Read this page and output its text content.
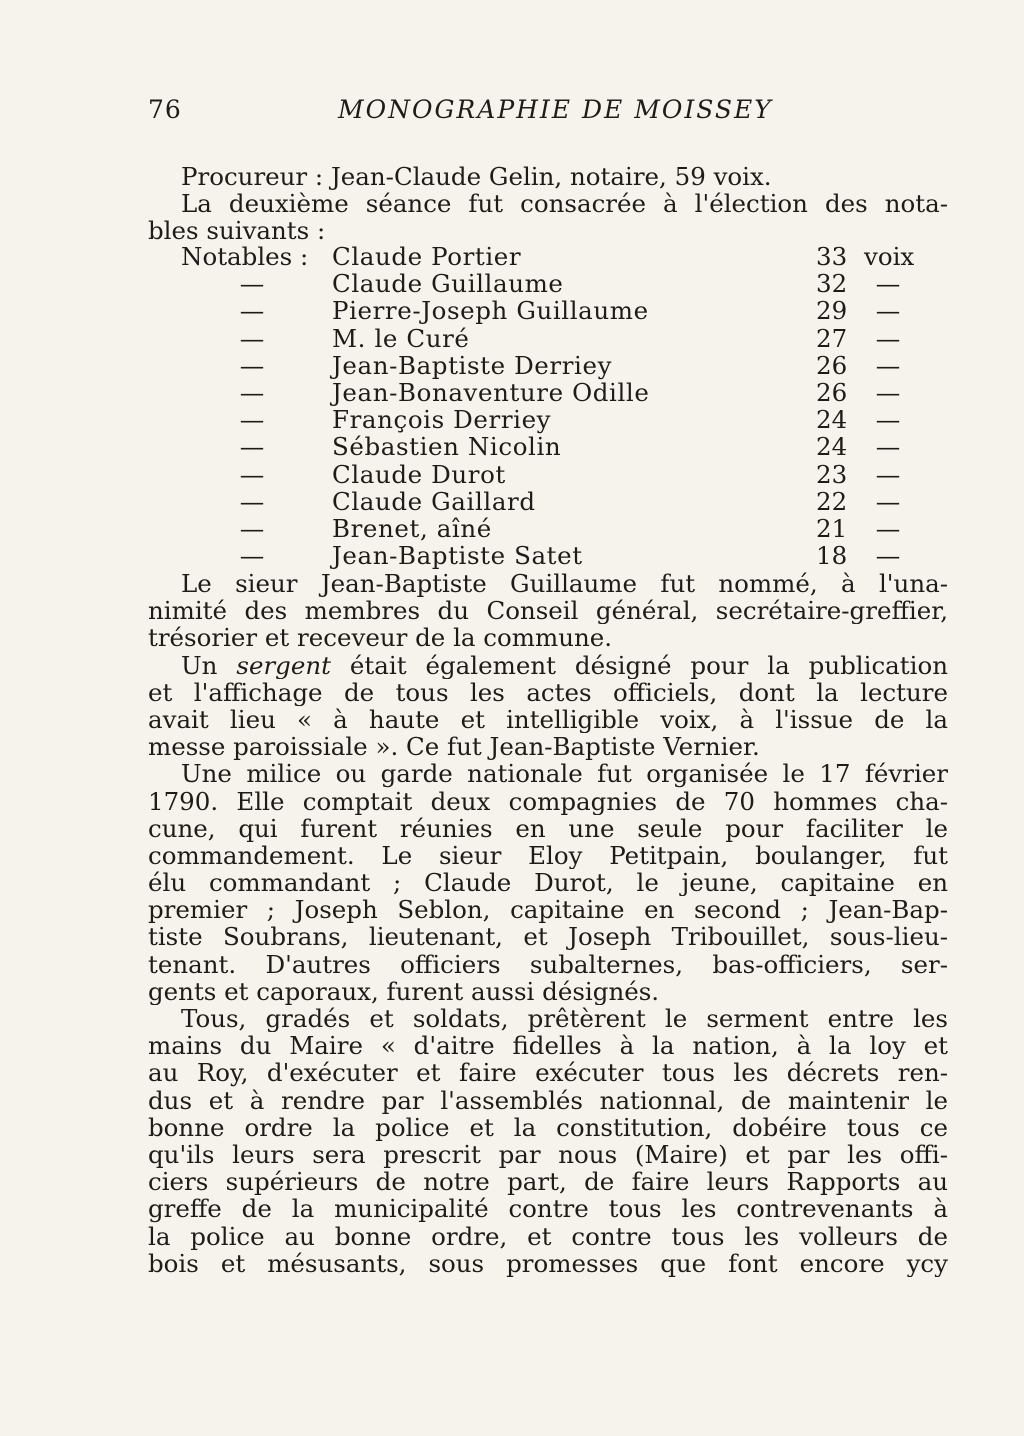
76	MONOGRAPHIE DE MOISSEY
Procureur : Jean-Claude Gelin, notaire, 59 voix.
La deuxième séance fut consacrée à l'élection des nota-
bles suivants :
Notables : Claude Portier	33 voix
—	Claude Guillaume	32 —
—	Pierre-Joseph Guillaume	29 —
—	M. le Curé	27 —
—	Jean-Baptiste Derriey	26 —
—	Jean-Bonaventure Odille	26 —
—	François Derriey	24 —
—	Sébastien Nicolin	24 —
—	Claude Durot	23 —
—	Claude Gaillard	22 —
—	Brenet, aîné	21 —
—	Jean-Baptiste Satet	18 —
Le sieur Jean-Baptiste Guillaume fut nommé, à l'una-
nimité des membres du Conseil général, secrétaire-greffier,
trésorier et receveur de la commune.
Un sergent était également désigné pour la publication
et l'affichage de tous les actes officiels, dont la lecture
avait lieu « à haute et intelligible voix, à l'issue de la
messe paroissiale ». Ce fut Jean-Baptiste Vernier.
Une milice ou garde nationale fut organisée le 17 février
1790. Elle comptait deux compagnies de 70 hommes cha-
cune, qui furent réunies en une seule pour faciliter le
commandement. Le sieur Eloy Petitpain, boulanger, fut
élu commandant ; Claude Durot, le jeune, capitaine en
premier ; Joseph Seblon, capitaine en second ; Jean-Bap-
tiste Soubrans, lieutenant, et Joseph Tribouillet, sous-lieu-
tenant. D'autres officiers subalternes, bas-officiers, ser-
gents et caporaux, furent aussi désignés.
Tous, gradés et soldats, prêtèrent le serment entre les
mains du Maire « d'aitre fidelles à la nation, à la loy et
au Roy, d'exécuter et faire exécuter tous les décrets ren-
dus et à rendre par l'assemblés nationnal, de maintenir le
bonne ordre la police et la constitution, dobéire tous ce
qu'ils leurs sera prescrit par nous (Maire) et par les offi-
ciers supérieurs de notre part, de faire leurs Rapports au
greffe de la municipalité contre tous les contrevenants à
la police au bonne ordre, et contre tous les volleurs de
bois et mésusants, sous promesses que font encore ycy
